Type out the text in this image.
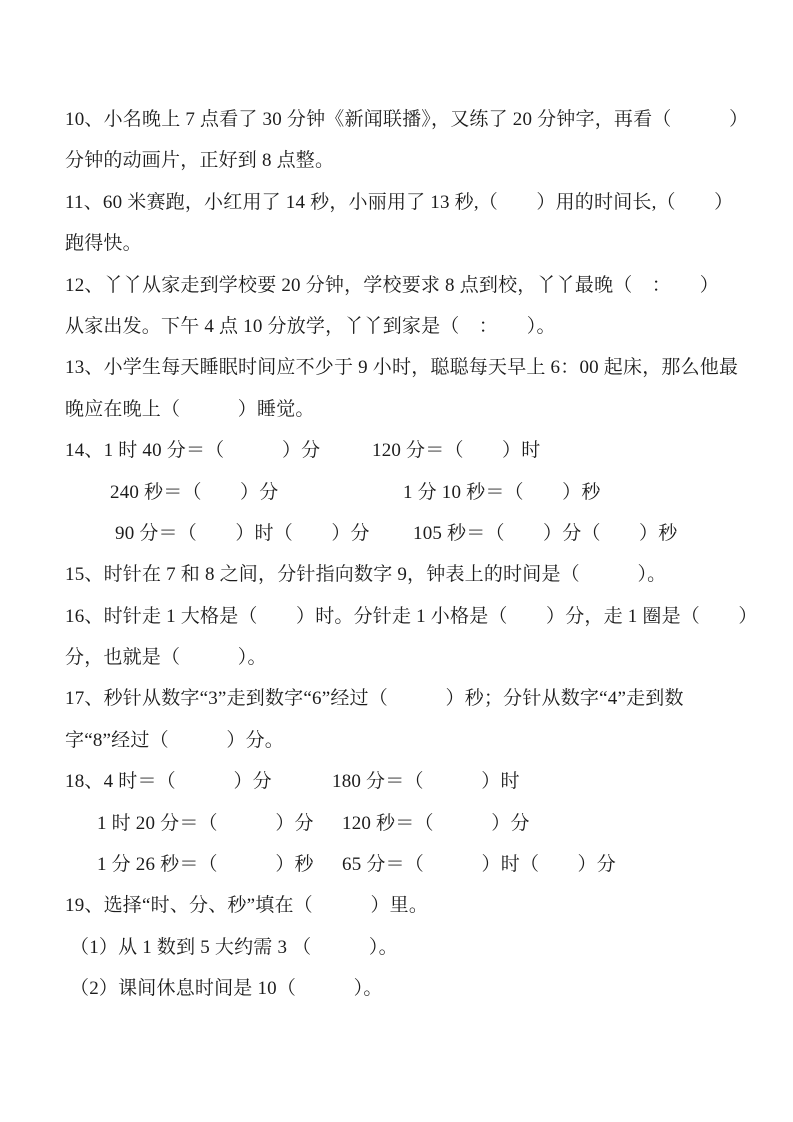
10、小名晚上 7 点看了 30 分钟《新闻联播》，又练了 20 分钟字，再看（　　　）
分钟的动画片，正好到 8 点整。
11、60 米赛跑，小红用了 14 秒，小丽用了 13 秒,（　　）用的时间长,（　　）
跑得快。
12、丫丫从家走到学校要 20 分钟，学校要求 8 点到校，丫丫最晚（　：　　）
从家出发。下午 4 点 10 分放学，丫丫到家是（　：　　）。
13、小学生每天睡眠时间应不少于 9 小时，聪聪每天早上 6：00 起床，那么他最
晚应在晚上（　　　）睡觉。
14、1 时 40 分＝（　　　）分	120 分＝（　　）时
240 秒＝（　　）分	1 分 10 秒＝（　　）秒
90 分＝（　　）时（　　）分 105 秒＝（　　）分（　　）秒
15、时针在 7 和 8 之间，分针指向数字 9，钟表上的时间是（　　　）。
16、时针走 1 大格是（　　）时。分针走 1 小格是（　　）分，走 1 圈是（　　）
分，也就是（　　　）。
17、秒针从数字“3”走到数字“6”经过（　　　）秒；分针从数字“4”走到数
字“8”经过（　　　）分。
18、4 时＝（　　　）分	180 分＝（　　　）时
1 时 20 分＝（　　　）分 120 秒＝（　　　）分
1 分 26 秒＝（　　　）秒 65 分＝（　　　）时（　　）分
19、选择“时、分、秒”填在（　　　）里。
（1）从 1 数到 5 大约需 3 （　　　）。
（2）课间休息时间是 10（　　　）。
